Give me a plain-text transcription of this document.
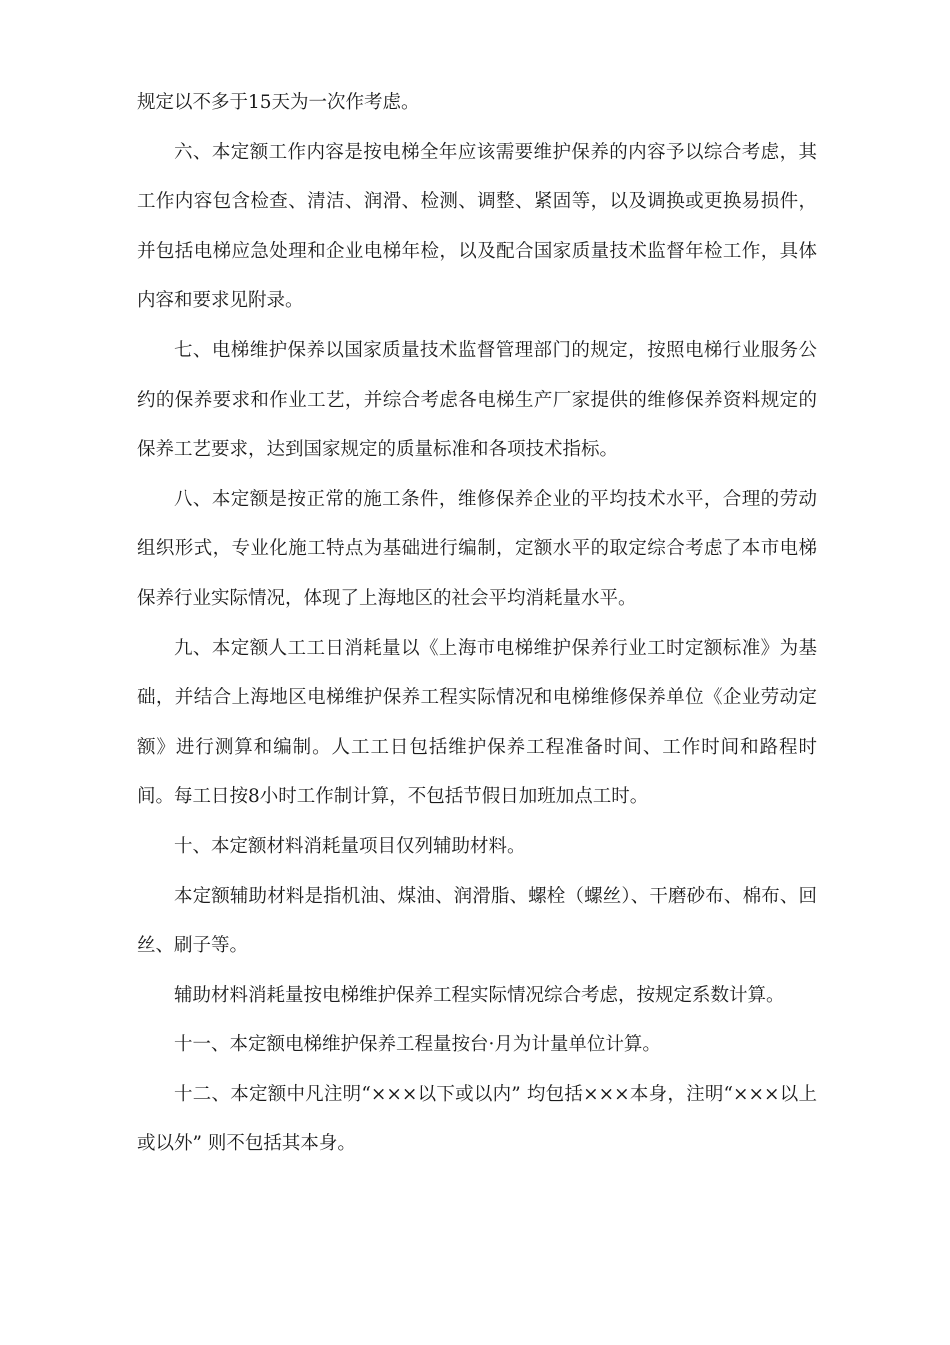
规定以不多于15天为一次作考虑。

六、本定额工作内容是按电梯全年应该需要维护保养的内容予以综合考虑，其工作内容包含检查、清洁、润滑、检测、调整、紧固等，以及调换或更换易损件，并包括电梯应急处理和企业电梯年检，以及配合国家质量技术监督年检工作，具体内容和要求见附录。

七、电梯维护保养以国家质量技术监督管理部门的规定，按照电梯行业服务公约的保养要求和作业工艺，并综合考虑各电梯生产厂家提供的维修保养资料规定的保养工艺要求，达到国家规定的质量标准和各项技术指标。

八、本定额是按正常的施工条件，维修保养企业的平均技术水平，合理的劳动组织形式，专业化施工特点为基础进行编制，定额水平的取定综合考虑了本市电梯保养行业实际情况，体现了上海地区的社会平均消耗量水平。

九、本定额人工工日消耗量以《上海市电梯维护保养行业工时定额标准》为基础，并结合上海地区电梯维护保养工程实际情况和电梯维修保养单位《企业劳动定额》进行测算和编制。人工工日包括维护保养工程准备时间、工作时间和路程时间。每工日按8小时工作制计算，不包括节假日加班加点工时。

十、本定额材料消耗量项目仅列辅助材料。

本定额辅助材料是指机油、煤油、润滑脂、螺栓（螺丝）、干磨砂布、棉布、回丝、刷子等。

辅助材料消耗量按电梯维护保养工程实际情况综合考虑，按规定系数计算。

十一、本定额电梯维护保养工程量按台·月为计量单位计算。

十二、本定额中凡注明“×××以下或以内” 均包括×××本身，注明“×××以上或以外” 则不包括其本身。
